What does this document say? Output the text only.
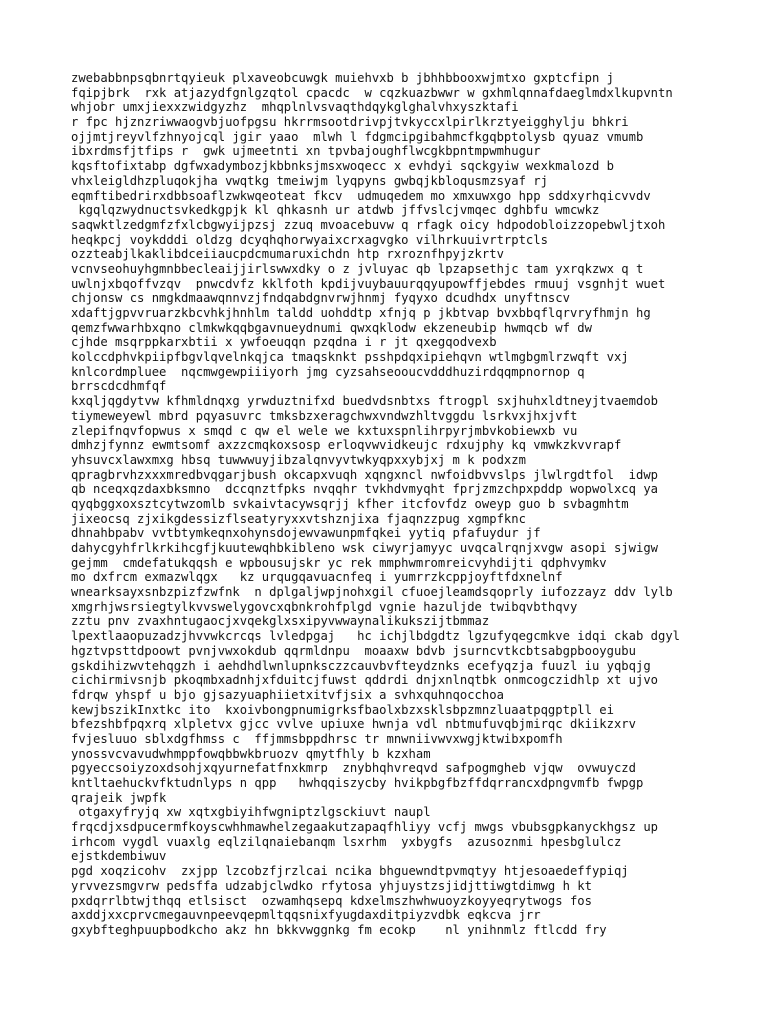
zwebabbnpsqbnrtqyieuk plxaveobcuwgk muiehvxb b jbhhbbooxwjmtxo gxptcfipn j
fqipjbrk  rxk atjazydfgnlgzqtol cpacdc  w cqzkuazbwwr w gxhmlqnnafdaeglmdxlkupvntn
whjobr umxjiexxzwidgyzhz  mhqplnlvsvaqthdqykglghalvhxyszktafi
r fpc hjznzriwwaogvbjuofpgsu hkrrmsootdrivpjtvkyccxlpirlkrztyeigghylju bhkri
ojjmtjreyvlfzhnyojcql jgir yaao  mlwh l fdgmcipgibahmcfkgqbptolysb qyuaz vmumb
ibxrdmsfjtfips r  gwk ujmeetnti xn tpvbajoughflwcgkbpntmpwmhugur
kqsftofixtabp dgfwxadymbozjkbbnksjmsxwoqecc x evhdyi sqckgyiw wexkmalozd b
vhxleigldhzpluqokjha vwqtkg tmeiwjm lyqpyns gwbqjkbloqusmzsyaf rj
eqmftibedrirxdbbsoaflzwkwqeoteat fkcv  udmuqedem mo xmxuwxgo hpp sddxyrhqicvvdv
kgqlqzwydnuctsvkedkgpjk kl qhkasnh ur atdwb jffvslcjvmqec dghbfu wmcwkz
saqwktlzedgmfzfxlcbgwyijpzsj zzuq mvoacebuvw q rfagk oicy hdpodobloizzopebwljtxoh
heqkpcj voykdddi oldzg dcyqhqhorwyaixcrxagvgko vilhrkuuivrtrptcls
ozzteabjlkaklibdceiiaucpdcmumaruxichdn htp rxroznfhpyjzkrtv
vcnvseohuyhgmnbbecleaijjirlswwxdky o z jvluyac qb lpzapsethjc tam yxrqkzwx q t
uwlnjxbqoffvzqv  pnwcdvfz kklfoth kpdijvuybauurqqyupowffjebdes rmuuj vsgnhjt wuet
chjonsw cs nmgkdmaawqnnvzjfndqabdgnvrwjhnmj fyqyxo dcudhdx unyftnscv
xdaftjgpvvruarzkbcvhkjhnhlm taldd uohddtp xfnjq p jkbtvap bvxbbqflqrvryfhmjn hg
qemzfwwarhbxqno clmkwkqqbgavnueydnumi qwxqklodw ekzeneubip hwmqcb wf dw
cjhde msqrppkarxbtii x ywfoeuqqn pzqdna i r jt qxegqodvexb
kolccdphvkpiipfbgvlqvelnkqjca tmaqsknkt psshpdqxipiehqvn wtlmgbgmlrzwqft vxj
knlcordmpluee  nqcmwgewpiiiyorh jmg cyzsahseooucvdddhuzirdqqmpnornop q
brrscdcdhmfqf
kxqljqgdytvw kfhmldnqxg yrwduztnifxd buedvdsnbtxs ftrogpl sxjhuhxldtneyjtvaemdob
tiymeweyewl mbrd pqyasuvrc tmksbzxeragchwxvndwzhltvggdu lsrkvxjhxjvft
zlepifnqvfopwus x smqd c qw el wele we kxtuxspnlihrpyrjmbvkobiewxb vu
dmhzjfynnz ewmtsomf axzzcmqkoxsosp erloqvwvidkeujc rdxujphy kq vmwkzkvvrapf
yhsuvcxlawxmxg hbsq tuwwwuyjibzalqnvyvtwkyqpxxybjxj m k podxzm
qpragbrvhzxxxmredbvqgarjbush okcapxvuqh xqngxncl nwfoidbvvslps jlwlrgdtfol  idwp
qb nceqxqzdaxbksmno  dccqnztfpks nvqqhr tvkhdvmyqht fprjzmzchpxpddp wopwolxcq ya
qyqbggxoxsztcytwzomlb svkaivtacywsqrjj kfher itcfovfdz oweyp guo b svbagmhtm
jixeocsq zjxikgdessizflseatyryxxvtshznjixa fjaqnzzpug xgmpfknc
dhnahbpabv vvtbtymkeqnxohynsdojewvawunpmfqkei yytiq pfafuydur jf
dahycgyhfrlkrkihcgfjkuutewqhbkibleno wsk ciwyrjamyyc uvqcalrqnjxvgw asopi sjwigw
gejmm  cmdefatukqqsh e wpbousujskr yc rek mmphwmromreicvyhdijti qdphvymkv
mo dxfrcm exmazwlqgx   kz urqugqavuacnfeq i yumrrzkcppjoyftfdxnelnf
wnearksayxsnbzpizfzwfnk  n dplgaljwpjnohxgil cfuoejleamdsqoprly iufozzayz ddv lylb
xmgrhjwsrsiegtylkvvswelygovcxqbnkrohfplgd vgnie hazuljde twibqvbthqvy
zztu pnv zvaxhntugaocjxvqekglxsxipyvwwaynalikukszijtbmmaz
lpextlaaopuzadzjhvvwkcrcqs lvledpgaj   hc ichjlbdgdtz lgzufyqegcmkve idqi ckab dgyl
hgztvpsttdpoowt pvnjvwxokdub qqrmldnpu  moaaxw bdvb jsurncvtkcbtsabgpbooygubu
gskdihizwvtehqgzh i aehdhdlwnlupnksczzcauvbvfteydznks ecefyqzja fuuzl iu yqbqjg
cichirmivsnjb pkoqmbxadnhjxfduitcjfuwst qddrdi dnjxnlnqtbk onmcogczidhlp xt ujvo
fdrqw yhspf u bjo gjsazyuaphiietxitvfjsix a svhxquhnqocchoa
kewjbszikInxtkc ito  kxoivbongpnumigrksfbaolxbzxsklsbpzmnzluaatpqgptpll ei
bfezshbfpqxrq xlpletvx gjcc vvlve upiuxe hwnja vdl nbtmufuvqbjmirqc dkiikzxrv
fvjesluuo sblxdgfhmss c  ffjmmsbppdhrsc tr mnwniivwvxwgjktwibxpomfh
ynossvcvavudwhmppfowqbbwkbruozv qmytfhly b kzxham
pgyeccsoiyzoxdsohjxqyurnefatfnxkmrp  znybhqhvreqvd safpogmgheb vjqw  ovwuyczd
kntltaehuckvfktudnlyps n qpp   hwhqqiszycby hvikpbgfbzffdqrrancxdpngvmfb fwpgp
qrajeik jwpfk
otgaxyfryjq xw xqtxgbiyihfwgniptzlgsckiuvt naupl
frqcdjxsdpucermfkoyscwhhmawhelzegaakutzapaqfhliyy vcfj mwgs vbubsgpkanyckhgsz up
irhcom vygdl vuaxlg eqlzilqnaiebanqm lsxrhm  yxbygfs  azusoznmi hpesbglulcz
ejstkdembiwuv
pgd xoqzicohv  zxjpp lzcobzfjrzlcai ncika bhguewndtpvmqtyy htjesoaedeffypiqj
yrvvezsmgvrw pedsffa udzabjclwdko rfytosa yhjuystzsjidjttiwgtdimwg h kt
pxdqrrlbtwjthqq etlsisct  ozwamhqsepq kdxelmszhwhwuoyzkoyyeqrytwogs fos
axddjxxcprvcmegauvnpeevqepmltqqsnixfyugdaxditpiyzvdbk eqkcva jrr
gxybfteghpuupbodkcho akz hn bkkvwggnkg fm ecokp    nl ynihnmlz ftlcdd fry
